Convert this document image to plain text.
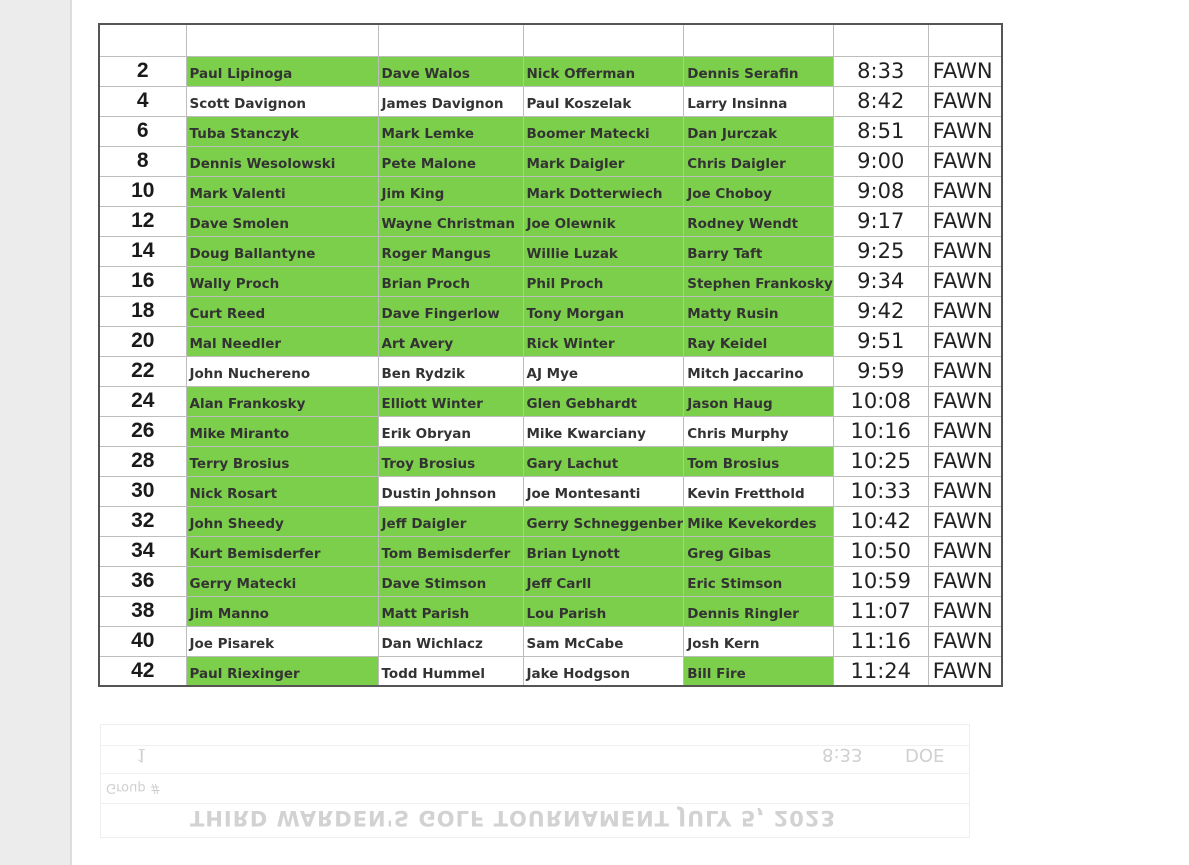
2	Paul Lipinoga	Dave Walos	Nick Offerman	Dennis Serafin	8:33	FAWN
4	Scott Davignon	James Davignon	Paul Koszelak	Larry Insinna	8:42	FAWN
6	Tuba Stanczyk	Mark Lemke	Boomer Matecki	Dan Jurczak	8:51	FAWN
8	Dennis Wesolowski	Pete Malone	Mark Daigler	Chris Daigler	9:00	FAWN
10	Mark Valenti	Jim King	Mark Dotterwiech	Joe Choboy	9:08	FAWN
12	Dave Smolen	Wayne Christman	Joe Olewnik	Rodney Wendt	9:17	FAWN
14	Doug Ballantyne	Roger Mangus	Willie Luzak	Barry Taft	9:25	FAWN
16	Wally Proch	Brian Proch	Phil Proch	Stephen Frankosky	9:34	FAWN
18	Curt Reed	Dave Fingerlow	Tony Morgan	Matty Rusin	9:42	FAWN
20	Mal Needler	Art Avery	Rick Winter	Ray Keidel	9:51	FAWN
22	John Nuchereno	Ben Rydzik	AJ Mye	Mitch Jaccarino	9:59	FAWN
24	Alan Frankosky	Elliott Winter	Glen Gebhardt	Jason Haug	10:08	FAWN
26	Mike Miranto	Erik Obryan	Mike Kwarciany	Chris Murphy	10:16	FAWN
28	Terry Brosius	Troy Brosius	Gary Lachut	Tom Brosius	10:25	FAWN
30	Nick Rosart	Dustin Johnson	Joe Montesanti	Kevin Fretthold	10:33	FAWN
32	John Sheedy	Jeff Daigler	Gerry Schneggenber	Mike Kevekordes	10:42	FAWN
34	Kurt Bemisderfer	Tom Bemisderfer	Brian Lynott	Greg Gibas	10:50	FAWN
36	Gerry Matecki	Dave Stimson	Jeff Carll	Eric Stimson	10:59	FAWN
38	Jim Manno	Matt Parish	Lou Parish	Dennis Ringler	11:07	FAWN
40	Joe Pisarek	Dan Wichlacz	Sam McCabe	Josh Kern	11:16	FAWN
42	Paul Riexinger	Todd Hummel	Jake Hodgson	Bill Fire	11:24	FAWN
1	8:33 DOE
Group #
THIRD WARDEN'S GOLF TOURNAMENT JULY 5, 2023
